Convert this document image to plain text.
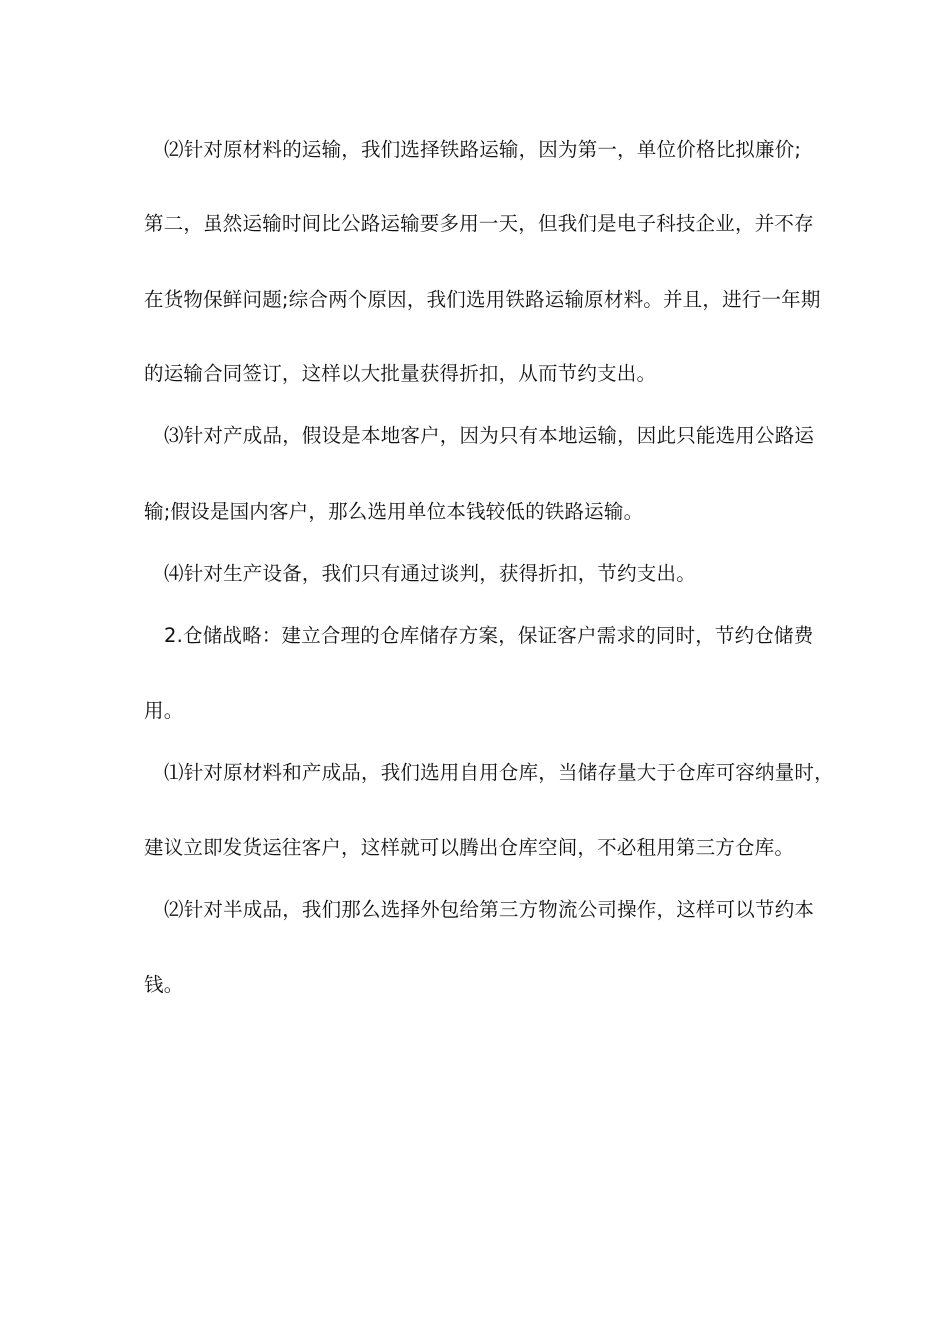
⑵针对原材料的运输，我们选择铁路运输，因为第一，单位价格比拟廉价;
第二，虽然运输时间比公路运输要多用一天，但我们是电子科技企业，并不存
在货物保鲜问题;综合两个原因，我们选用铁路运输原材料。并且，进行一年期
的运输合同签订，这样以大批量获得折扣，从而节约支出。
⑶针对产成品，假设是本地客户，因为只有本地运输，因此只能选用公路运
输;假设是国内客户，那么选用单位本钱较低的铁路运输。
⑷针对生产设备，我们只有通过谈判，获得折扣，节约支出。
2.仓储战略：建立合理的仓库储存方案，保证客户需求的同时，节约仓储费
用。
⑴针对原材料和产成品，我们选用自用仓库，当储存量大于仓库可容纳量时，
建议立即发货运往客户，这样就可以腾出仓库空间，不必租用第三方仓库。
⑵针对半成品，我们那么选择外包给第三方物流公司操作，这样可以节约本
钱。
